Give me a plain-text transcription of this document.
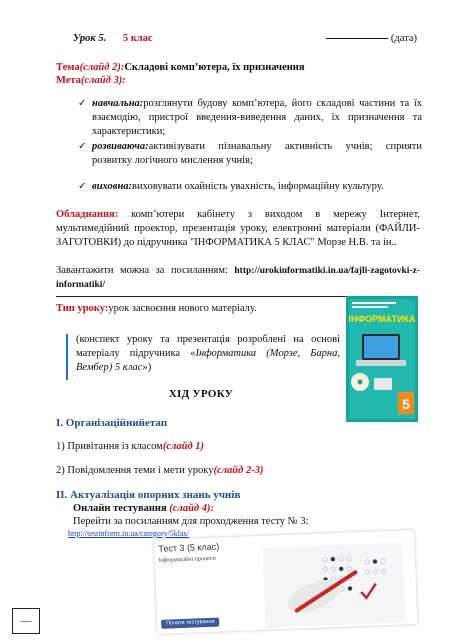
Урок 5. 5 клас	(дата)
Тема(слайд 2):Складові комп’ютера, їх призначення
Мета(слайд 3):
✓ навчальна:розглянути будову комп’ютера, його складові частини та їх взаємодію, пристрої введення-виведення даних, їх призначення та характеристики;
✓ розвиваюча:активізувати пізнавальну активність учнів; сприяти розвитку логічного мислення учнів;
✓ виховна:виховувати охайність увахність, інформаційну культуру.
Обладнання: комп’ютери кабінету з виходом в мережу Інтернет, мультимедійний проектор, презентація уроку, електронні матеріали (ФАЙЛИ-ЗАГОТОВКИ) до підручника "ІНФОРМАТИКА 5 КЛАС" Морзе Н.В. та ін..
Завантажити можна за посиланням: http://urokinformatiki.in.ua/fajli-zagotovki-z-informatiki/
Тип уроку:урок засвоєння нового матеріалу.
(конспект уроку та презентація розроблені на основі матеріалу підручника «Інформатика (Морзе, Барна, Вембер) 5 клас»)
ІНФОРМАТИКА
5
ХІД УРОКУ
І. Організаційнийетап
1) Привітання із класом(слайд 1)
2) Повідомлення теми і мети уроку(слайд 2-3)
ІІ. Актуалізація опорних знань учнів
Онлайн тестування (слайд 4):
Перейти за посиланням для проходження тесту № 3:
http://testinform.in.ua/category/5klas/
Тест 3 (5 клас)
Інформаційні процеси
Почати тестування
—
